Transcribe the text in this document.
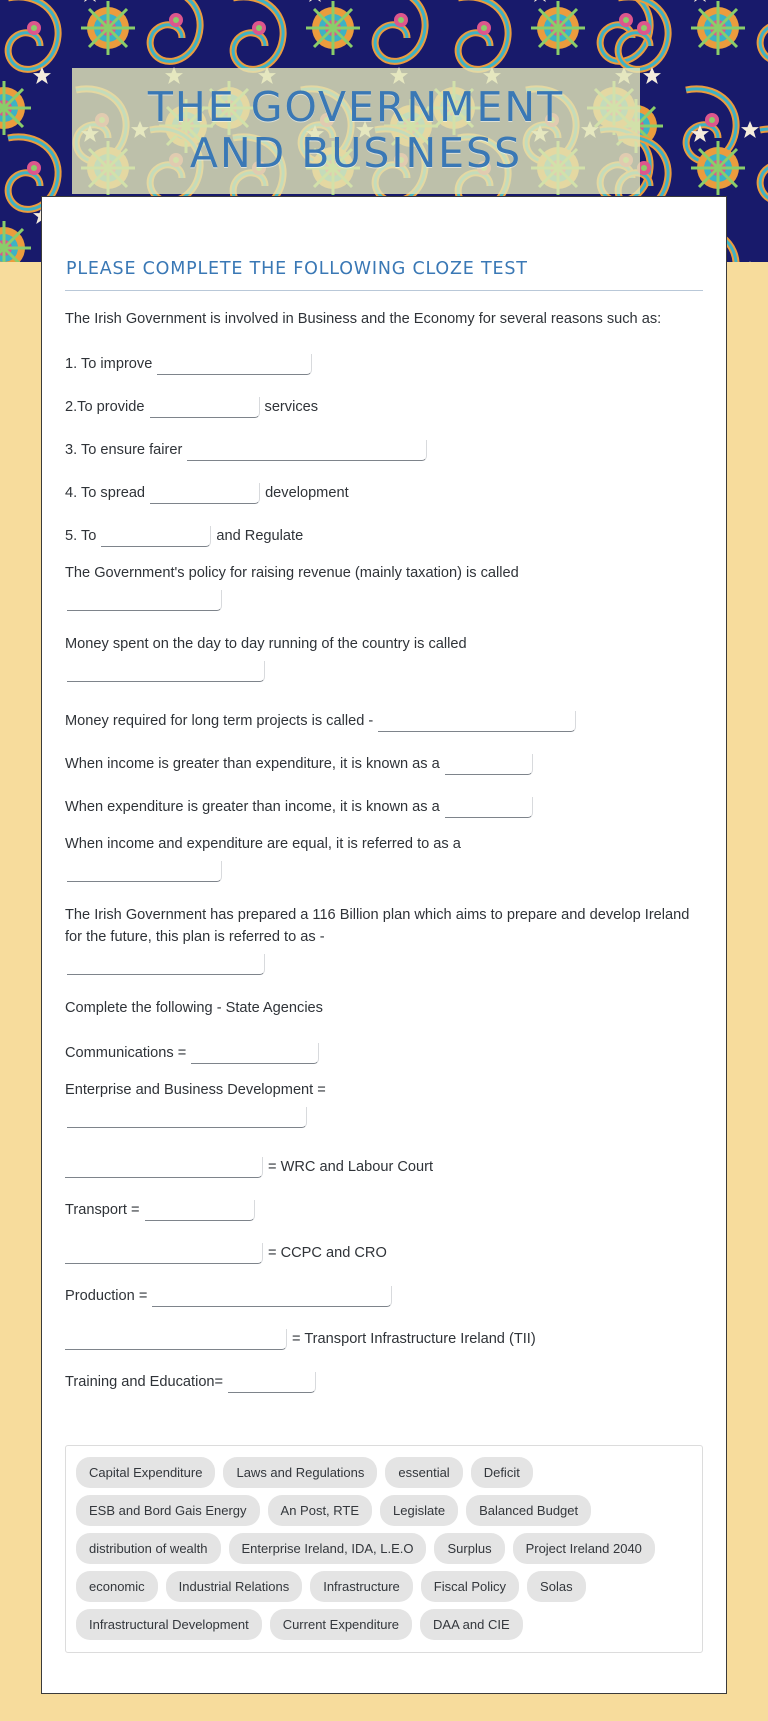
THE GOVERNMENT
AND BUSINESS
PLEASE COMPLETE THE FOLLOWING CLOZE TEST
The Irish Government is involved in Business and the Economy for several reasons such as:
1. To improve
2.To provide	services
3. To ensure fairer
4. To spread	development
5. To	and Regulate
The Government's policy for raising revenue (mainly taxation) is called
Money spent on the day to day running of the country is called
Money required for long term projects is called -
When income is greater than expenditure, it is known as a
When expenditure is greater than income, it is known as a
When income and expenditure are equal, it is referred to as a
The Irish Government has prepared a 116 Billion plan which aims to prepare and develop Ireland for the future, this plan is referred to as -
Complete the following - State Agencies
Communications =
Enterprise and Business Development =
= WRC and Labour Court
Transport =
= CCPC and CRO
Production =
= Transport Infrastructure Ireland (TII)
Training and Education=
Capital Expenditure	Laws and Regulations	essential	Deficit
ESB and Bord Gais Energy	An Post, RTE	Legislate	Balanced Budget
distribution of wealth	Enterprise Ireland, IDA, L.E.O	Surplus	Project Ireland 2040
economic	Industrial Relations	Infrastructure	Fiscal Policy	Solas
Infrastructural Development	Current Expenditure	DAA and CIE
